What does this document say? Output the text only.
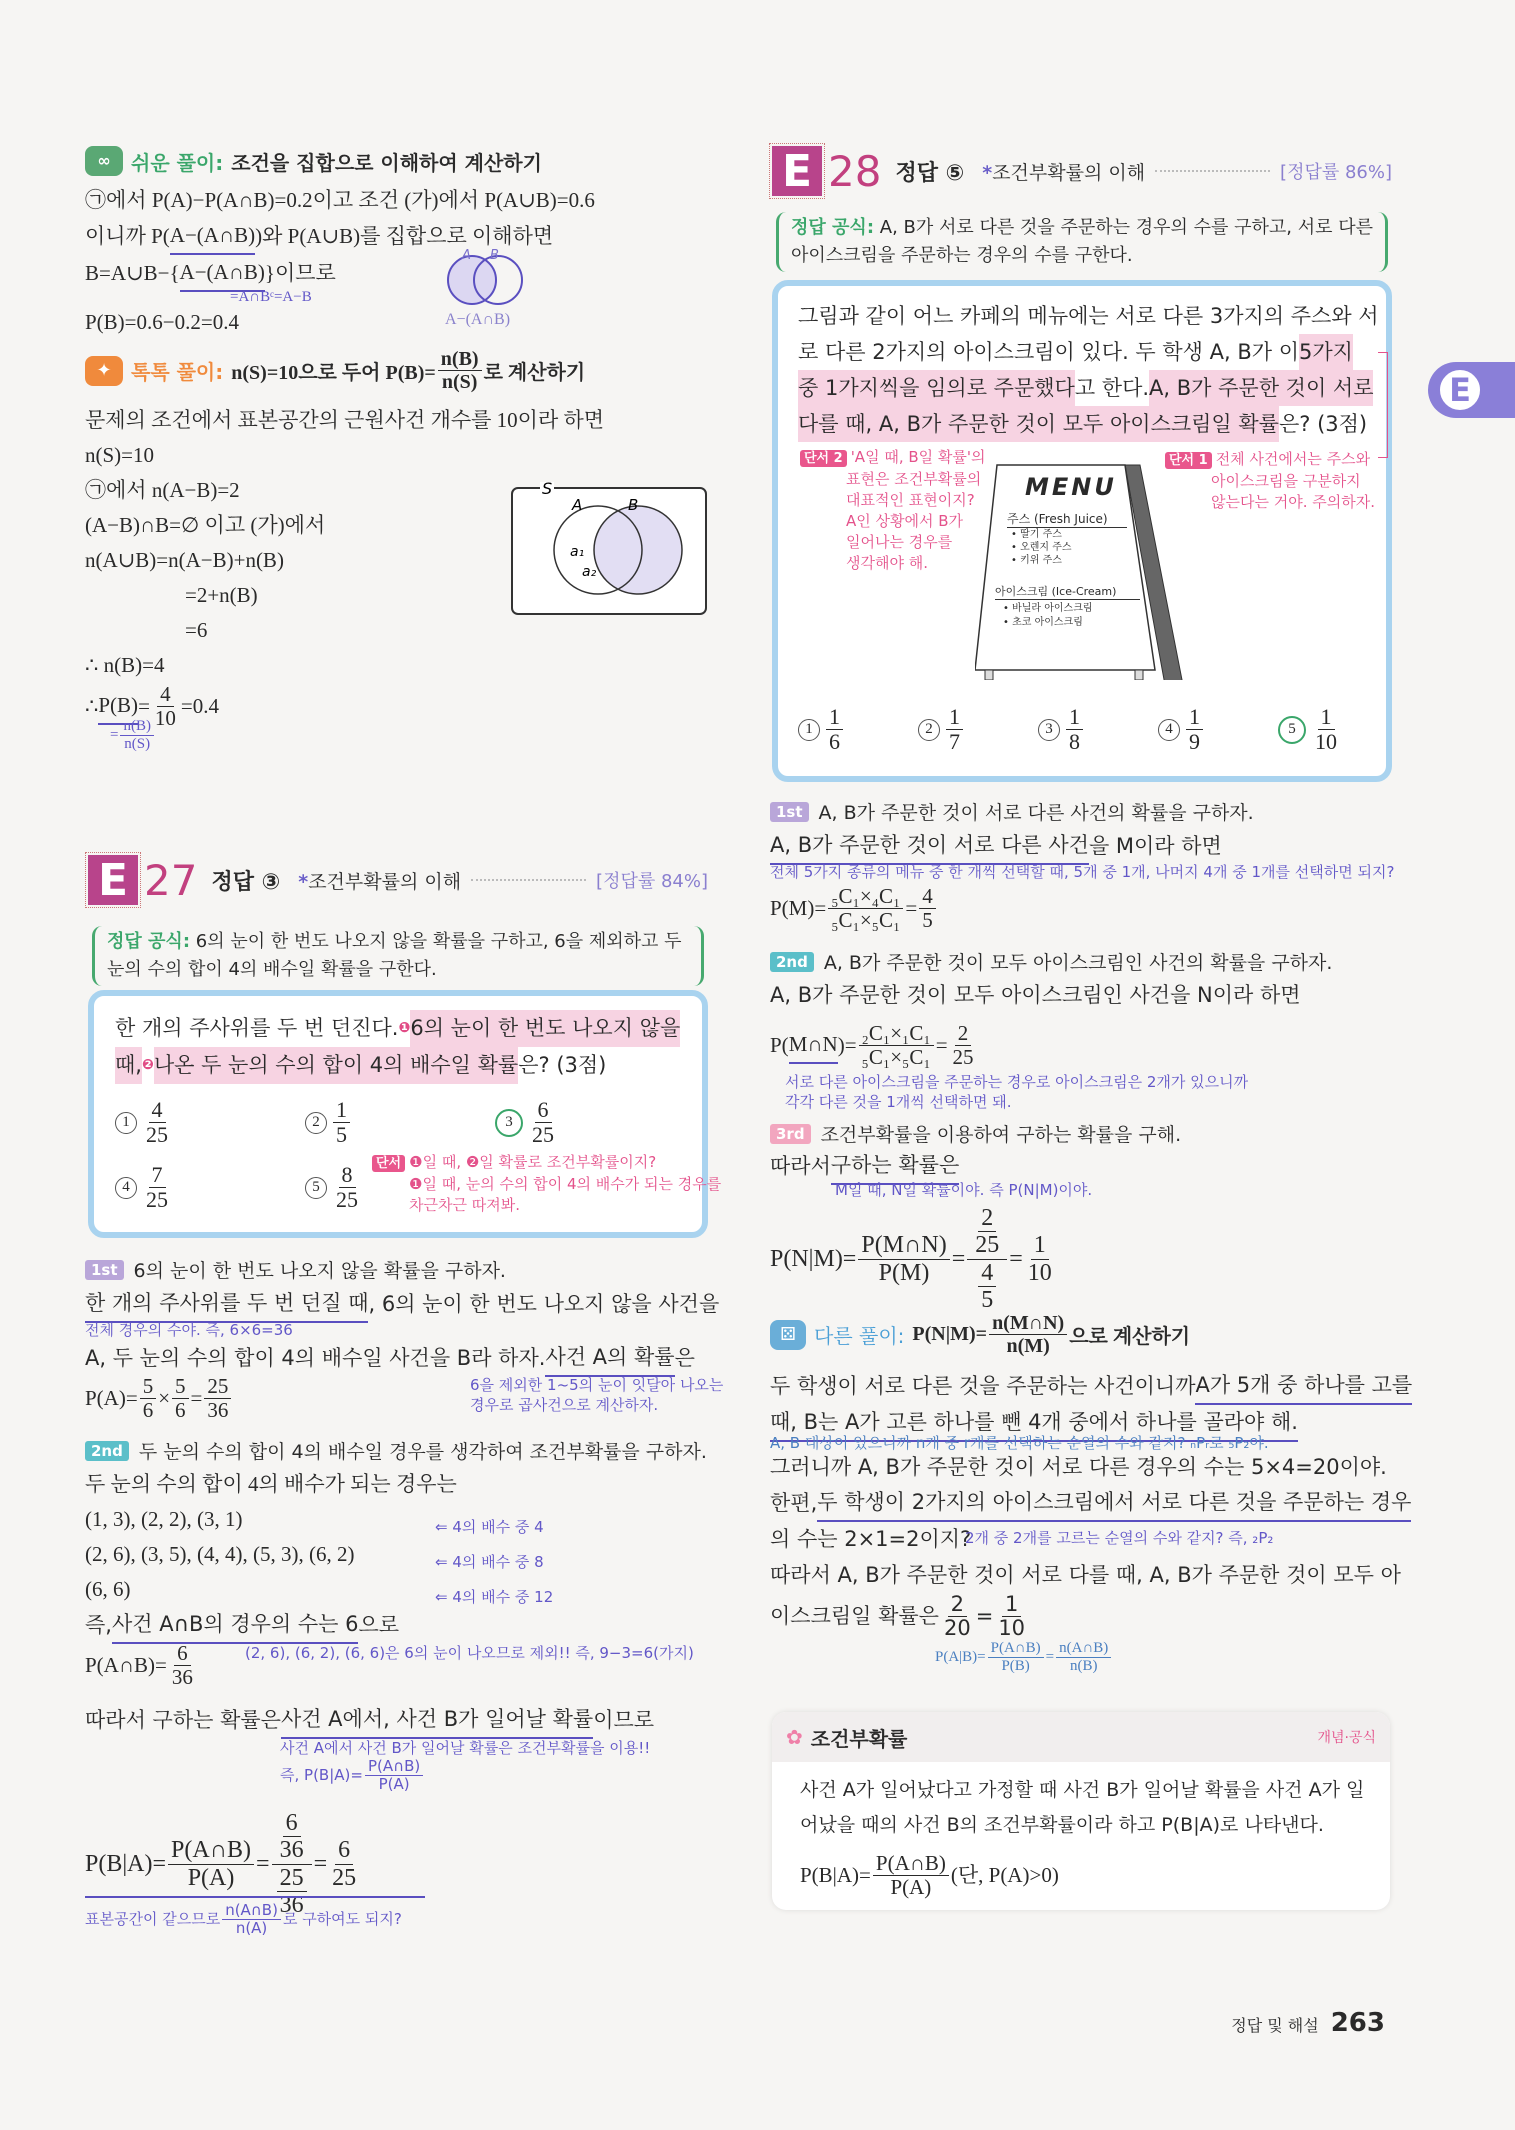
E
∞	쉬운 풀이: 조건을 집합으로 이해하여 계산하기
㉠에서 P(A)−P(A∩B)=0.2이고 조건 (가)에서 P(A∪B)=0.6
이니까 P( A−(A∩B) )와 P(A∪B)를 집합으로 이해하면
B=A∪B−{ A−(A∩B) }이므로
=A∩Bᶜ=A−B
P(B)=0.6−0.2=0.4
A B
A−(A∩B)
✦ 톡톡 풀이: n(S)=10으로 두어 $P(B)= \frac{n(B)}{n(S)}$ 로 계산하기
문제의 조건에서 표본공간의 근원사건 개수를 10이라 하면
n(S)=10
㉠에서 n(A−B)=2
(A−B)∩B=∅ 이고 (가)에서
n(A∪B)=n(A−B)+n(B)
=2+n(B)
=6
∴ n(B)=4
∴ $P(B) = \frac{4}{10} =0.4$
= $\frac{n(B)}{n(S)}$
S
A	B
a₁
a₂
E 27 정답 ③ *조건부확률의 이해	[정답률 84%]
정답 공식: 6의 눈이 한 번도 나오지 않을 확률을 구하고, 6을 제외하고 두 눈의 수의 합이 4의 배수일 확률을 구한다.
한 개의 주사위를 두 번 던진다. ❶ 6의 눈이 한 번도 나오지 않을
때, ❷ 나온 두 눈의 수의 합이 4의 배수일 확률 은? (3점)
$1 \frac{4}{25}$	$2 \frac{1}{5}$	$3 \frac{6}{25}$
$4 \frac{7}{25}$	$5 \frac{8}{25}$	단서 ❶일 때, ❷일 확률로 조건부확률이지?
❶일 때, 눈의 수의 합이 4의 배수가 되는 경우를
차근차근 따져봐.
1st 6의 눈이 한 번도 나오지 않을 확률을 구하자.
한 개의 주사위를 두 번 던질 때 , 6의 눈이 한 번도 나오지 않을 사건을
전체 경우의 수야. 즉, 6×6=36
A, 두 눈의 수의 합이 4의 배수일 사건을 B라 하자. 사건 A의 확률 은
$P(A)= \frac{5}{6} \times \frac{5}{6} = \frac{25}{36}$	6을 제외한 1~5의 눈이 잇달아 나오는
경우로 곱사건으로 계산하자.
2nd 두 눈의 수의 합이 4의 배수일 경우를 생각하여 조건부확률을 구하자.
두 눈의 수의 합이 4의 배수가 되는 경우는
(1, 3), (2, 2), (3, 1)
(2, 6), (3, 5), (4, 4), (5, 3), (6, 2)
(6, 6)
⇐ 4의 배수 중 4
⇐ 4의 배수 중 8
⇐ 4의 배수 중 12
즉, 사건 A∩B의 경우의 수는 6 으로
P(A∩B)= $\frac{6}{36}$	(2, 6), (6, 2), (6, 6)은 6의 눈이 나오므로 제외!! 즉, 9−3=6(가지)
따라서 구하는 확률은 사건 A에서, 사건 B가 일어날 확률 이므로
사건 A에서 사건 B가 일어날 확률은 조건부확률을 이용!!
즉, $P(B|A)= \frac{P(A\cap B)}{P(A)}$
$P(B|A)= \frac{P(A\cap B)}{P(A)} = \frac{\frac{6}{36}}{\frac{25}{36}} = \frac{6}{25}$
표본공간이 같으므로 $\frac{n(A\cap B)}{n(A)}$ 로 구하여도 되지?
E 28 정답 ⑤ *조건부확률의 이해	[정답률 86%]
정답 공식: A, B가 서로 다른 것을 주문하는 경우의 수를 구하고, 서로 다른 아이스크림을 주문하는 경우의 수를 구한다.
그림과 같이 어느 카페의 메뉴에는 서로 다른 3가지의 주스와 서
로 다른 2가지의 아이스크림이 있다. 두 학생 A, B가 이 5가지
중 1가지씩을 임의로 주문했다 고 한다. A, B가 주문한 것이 서로
다를 때, A, B가 주문한 것이 모두 아이스크림일 확률 은? (3점)
단서 2 'A일 때, B일 확률'의
표현은 조건부확률의
대표적인 표현이지?
A인 상황에서 B가
일어나는 경우를
생각해야 해.
단서 1 전체 사건에서는 주스와
아이스크림을 구분하지
않는다는 거야. 주의하자.
MENU
주스 (Fresh Juice)
• 딸기 주스
• 오렌지 주스
• 키위 주스
아이스크림 (Ice-Cream)
• 바닐라 아이스크림
• 초코 아이스크림
$1 \frac{1}{6}$	$2 \frac{1}{7}$	$3 \frac{1}{8}$	$4 \frac{1}{9}$	$5 \frac{1}{10}$
1st A, B가 주문한 것이 서로 다른 사건의 확률을 구하자.
A, B가 주문한 것이 서로 다른 사건 을 M이라 하면
전체 5가지 종류의 메뉴 중 한 개씩 선택할 때, 5개 중 1개, 나머지 4개 중 1개를 선택하면 되지?
$P(M)= \frac{\text{₅C₁×₄C₁}}{\text{₅C₁×₅C₁}} = \frac{4}{5}$
2nd A, B가 주문한 것이 모두 아이스크림인 사건의 확률을 구하자.
A, B가 주문한 것이 모두 아이스크림인 사건을 N이라 하면
P( M∩N )= $\frac{\text{₂C₁×₁C₁}}{\text{₅C₁×₅C₁}} = \frac{2}{25}$
서로 다른 아이스크림을 주문하는 경우로 아이스크림은 2개가 있으니까
각각 다른 것을 1개씩 선택하면 돼.
3rd 조건부확률을 이용하여 구하는 확률을 구해.
따라서 구하는 확률은
M일 때, N일 확률이야. 즉 P(N|M)이야.
$P(N|M)= \frac{P(M\cap N)}{P(M)} = \frac{\frac{2}{25}}{\frac{4}{5}} = \frac{1}{10}$
⚄ 다른 풀이: $P(N|M)= \frac{n(M\cap N)}{n(M)}$ 으로 계산하기
두 학생이 서로 다른 것을 주문하는 사건이니까 A가 5개 중 하나를 고를
때, B는 A가 고른 하나를 뺀 4개 중에서 하나를 골라야 해.
A, B 대상이 있으니까 n개 중 r개를 선택하는 순열의 수와 같지? ₙPᵣ로 ₅P₂야.
그러니까 A, B가 주문한 것이 서로 다른 경우의 수는 5×4=20이야.
한편, 두 학생이 2가지의 아이스크림에서 서로 다른 것을 주문하는 경우
의 수는 2×1=2이지?
2개 중 2개를 고르는 순열의 수와 같지? 즉, ₂P₂
따라서 A, B가 주문한 것이 서로 다를 때, A, B가 주문한 것이 모두 아
이스크림일 확률은 $\frac{2}{20} = \frac{1}{10}$
$P(A|B)= \frac{P(A\cap B)}{P(B)} = \frac{n(A\cap B)}{n(B)}$
✿ 조건부확률	개념·공식
사건 A가 일어났다고 가정할 때 사건 B가 일어날 확률을 사건 A가 일
어났을 때의 사건 B의 조건부확률이라 하고 P(B|A)로 나타낸다.
$P(B|A)= \frac{P(A\cap B)}{P(A)}$ (단, P(A)>0)
정답 및 해설 263
